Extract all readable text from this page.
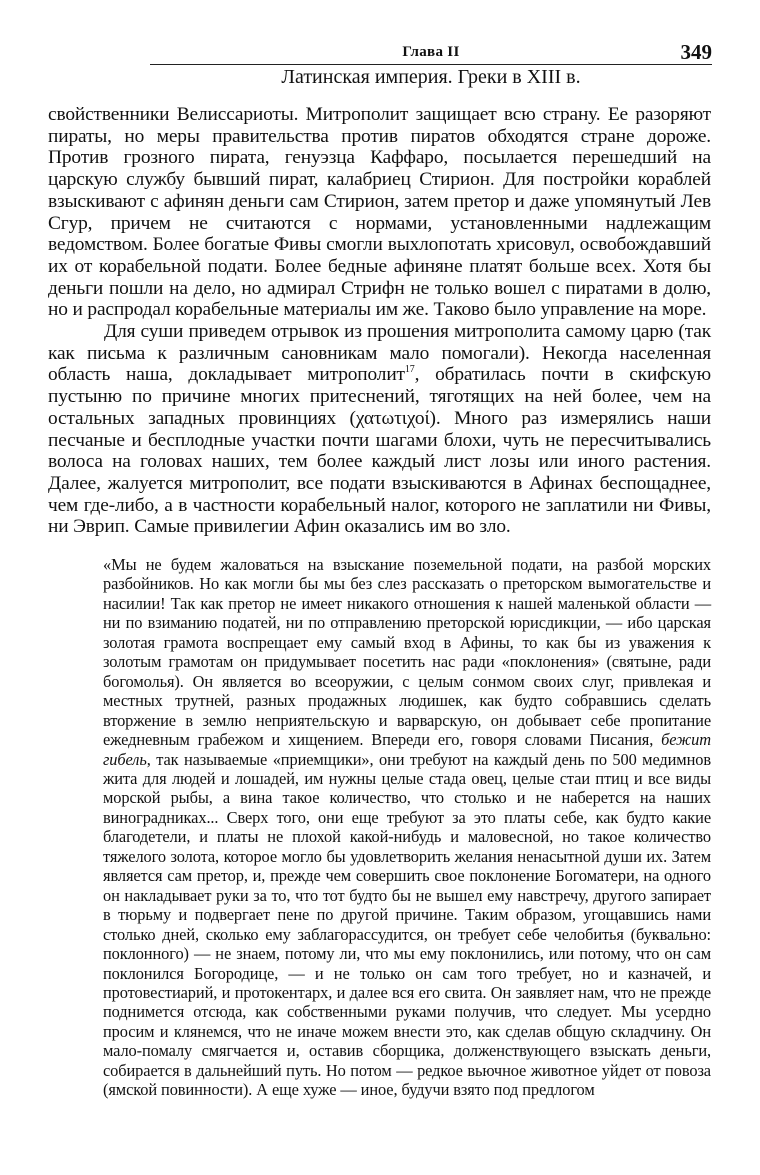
Глава II	349
Латинская империя. Греки в XIII в.

свойственники Велиссариоты. Митрополит защищает всю страну. Ее разоряют пираты, но меры правительства против пиратов обходятся стране дороже. Против грозного пирата, генуэзца Каффаро, посылается перешедший на царскую службу бывший пират, калабриец Стирион. Для постройки кораблей взыскивают с афинян деньги сам Стирион, затем претор и даже упомянутый Лев Сгур, причем не считаются с нормами, установленными надлежащим ведомством. Более богатые Фивы смогли выхлопотать хрисовул, освобождавший их от корабельной подати. Более бедные афиняне платят больше всех. Хотя бы деньги пошли на дело, но адмирал Стрифн не только вошел с пиратами в долю, но и распродал корабельные материалы им же. Таково было управление на море.

Для суши приведем отрывок из прошения митрополита самому царю (так как письма к различным сановникам мало помогали). Некогда населенная область наша, докладывает митрополит$^{17}$, обратилась почти в скифскую пустыню по причине многих притеснений, тяготящих на ней более, чем на остальных западных провинциях (χατωτιχοί). Много раз измерялись наши песчаные и бесплодные участки почти шагами блохи, чуть не пересчитывались волоса на головах наших, тем более каждый лист лозы или иного растения. Далее, жалуется митрополит, все подати взыскиваются в Афинах беспощаднее, чем где-либо, а в частности корабельный налог, которого не заплатили ни Фивы, ни Эврип. Самые привилегии Афин оказались им во зло.

«Мы не будем жаловаться на взыскание поземельной подати, на разбой морских разбойников. Но как могли бы мы без слез рассказать о преторском вымогательстве и насилии! Так как претор не имеет никакого отношения к нашей маленькой области — ни по взиманию податей, ни по отправлению преторской юрисдикции, — ибо царская золотая грамота воспрещает ему самый вход в Афины, то как бы из уважения к золотым грамотам он придумывает посетить нас ради «поклонения» (святыне, ради богомолья). Он является во всеоружии, с целым сонмом своих слуг, привлекая и местных трутней, разных продажных людишек, как будто собравшись сделать вторжение в землю неприятельскую и варварскую, он добывает себе пропитание ежедневным грабежом и хищением. Впереди его, говоря словами Писания, бежит гибель, так называемые «приемщики», они требуют на каждый день по 500 медимнов жита для людей и лошадей, им нужны целые стада овец, целые стаи птиц и все виды морской рыбы, а вина такое количество, что столько и не наберется на наших виноградниках... Сверх того, они еще требуют за это платы себе, как будто какие благодетели, и платы не плохой какой-нибудь и маловесной, но такое количество тяжелого золота, которое могло бы удовлетворить желания ненасытной души их. Затем является сам претор, и, прежде чем совершить свое поклонение Богоматери, на одного он накладывает руки за то, что тот будто бы не вышел ему навстречу, другого запирает в тюрьму и подвергает пене по другой причине. Таким образом, угощавшись нами столько дней, сколько ему заблагорассудится, он требует себе челобитья (буквально: поклонного) — не знаем, потому ли, что мы ему поклонились, или потому, что он сам поклонился Богородице, — и не только он сам того требует, но и казначей, и протовестиарий, и протокентарх, и далее вся его свита. Он заявляет нам, что не прежде поднимется отсюда, как собственными руками получив, что следует. Мы усердно просим и клянемся, что не иначе можем внести это, как сделав общую складчину. Он мало-помалу смягчается и, оставив сборщика, долженствующего взыскать деньги, собирается в дальнейший путь. Но потом — редкое вьючное животное уйдет от повоза (ямской повинности). А еще хуже — иное, будучи взято под предлогом
